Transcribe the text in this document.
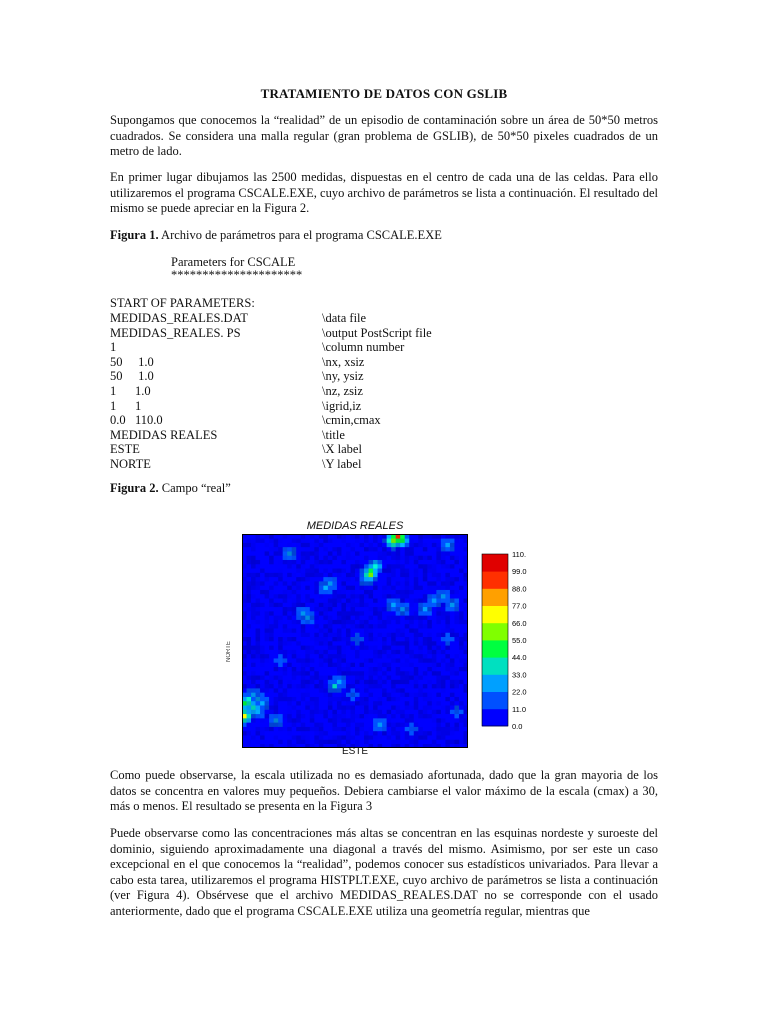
TRATAMIENTO DE DATOS CON GSLIB

Supongamos que conocemos la “realidad” de un episodio de contaminación sobre un área de 50*50 metros cuadrados. Se considera una malla regular (gran problema de GSLIB), de 50*50 pixeles cuadrados de un metro de lado.

En primer lugar dibujamos las 2500 medidas, dispuestas en el centro de cada una de las celdas. Para ello utilizaremos el programa CSCALE.EXE, cuyo archivo de parámetros se lista a continuación. El resultado del mismo se puede apreciar en la Figura 2.

Figura 1. Archivo de parámetros para el programa CSCALE.EXE
Parameters for CSCALE
*********************
START OF PARAMETERS:
MEDIDAS_REALES.DAT	\data file
MEDIDAS_REALES. PS	\output PostScript file
1	\column number
50     1.0	\nx, xsiz
50     1.0	\ny, ysiz
1      1.0	\nz, zsiz
1      1	\igrid,iz
0.0   110.0	\cmin,cmax
MEDIDAS REALES	\title
ESTE	\X label
NORTE	\Y label
Figura 2. Campo “real”
MEDIDAS REALES
110.
99.0
88.0
77.0
66.0
55.0
44.0
33.0
22.0
11.0
0.0
ESTE
NORTE

Como puede observarse, la escala utilizada no es demasiado afortunada, dado que la gran mayoria de los datos se concentra en valores muy pequeños. Debiera cambiarse el valor máximo de la escala (cmax) a 30, más o menos. El resultado se presenta en la Figura 3

Puede observarse como las concentraciones más altas se concentran en las esquinas nordeste y suroeste del dominio, siguiendo aproximadamente una diagonal a través del mismo. Asimismo, por ser este un caso excepcional en el que conocemos la “realidad”, podemos conocer sus estadísticos univariados. Para llevar a cabo esta tarea, utilizaremos el programa HISTPLT.EXE, cuyo archivo de parámetros se lista a continuación (ver Figura 4). Obsérvese que el archivo MEDIDAS_REALES.DAT no se corresponde con el usado anteriormente, dado que el programa CSCALE.EXE utiliza una geometría regular, mientras que
